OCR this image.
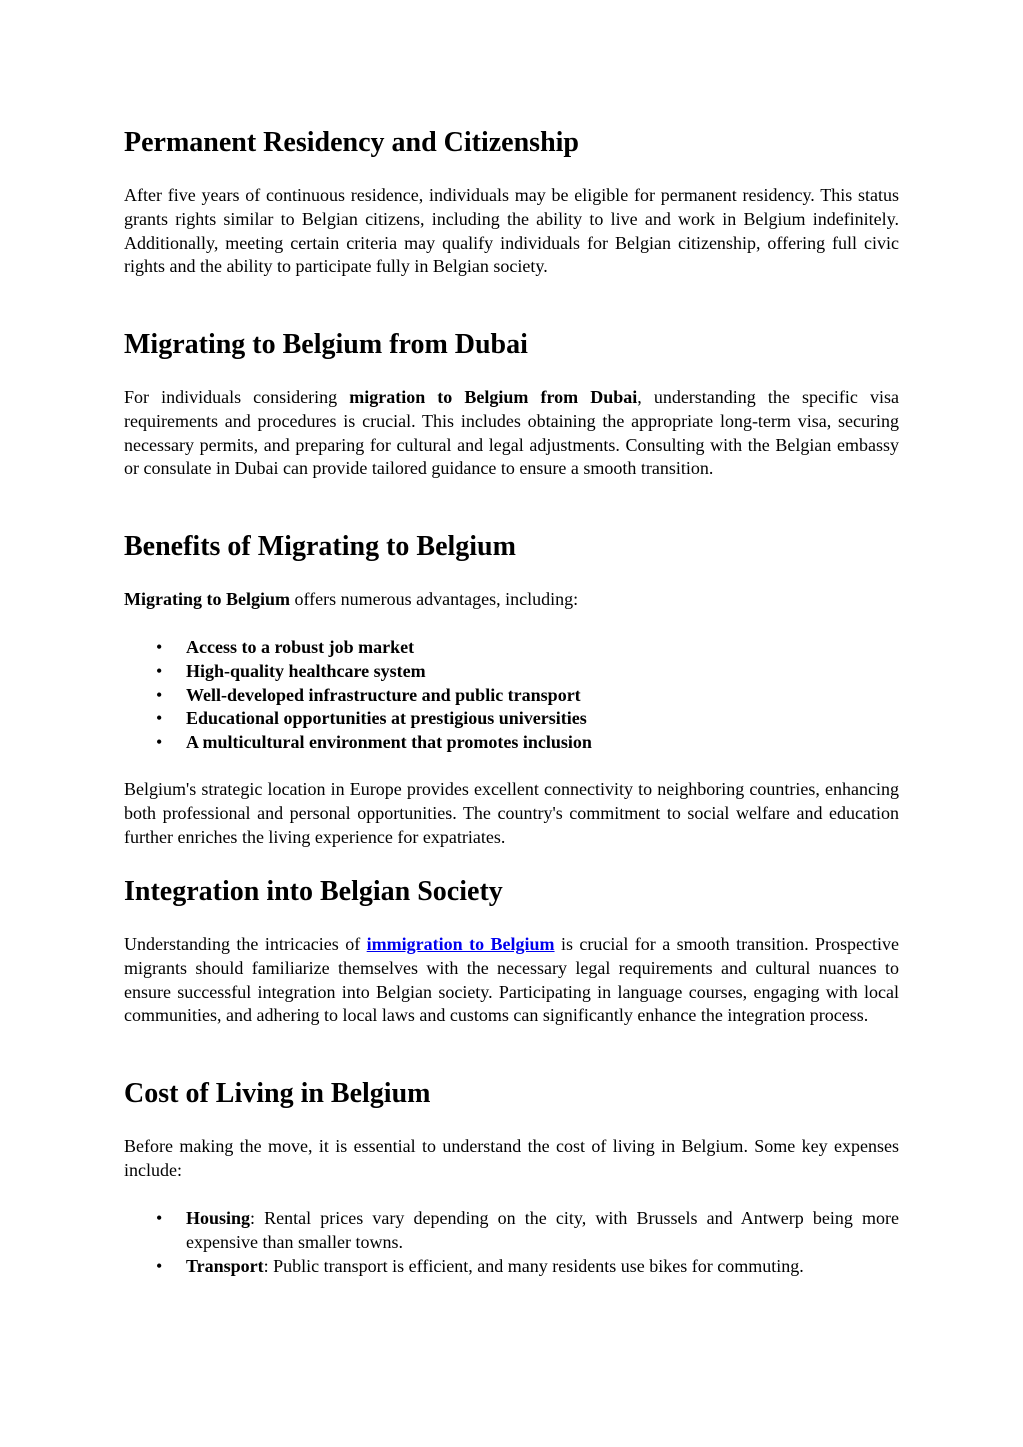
Permanent Residency and Citizenship

After five years of continuous residence, individuals may be eligible for permanent residency. This status grants rights similar to Belgian citizens, including the ability to live and work in Belgium indefinitely. Additionally, meeting certain criteria may qualify individuals for Belgian citizenship, offering full civic rights and the ability to participate fully in Belgian society.

Migrating to Belgium from Dubai

For individuals considering migration to Belgium from Dubai, understanding the specific visa requirements and procedures is crucial. This includes obtaining the appropriate long-term visa, securing necessary permits, and preparing for cultural and legal adjustments. Consulting with the Belgian embassy or consulate in Dubai can provide tailored guidance to ensure a smooth transition.

Benefits of Migrating to Belgium

Migrating to Belgium offers numerous advantages, including:

• Access to a robust job market
• High-quality healthcare system
• Well-developed infrastructure and public transport
• Educational opportunities at prestigious universities
• A multicultural environment that promotes inclusion

Belgium's strategic location in Europe provides excellent connectivity to neighboring countries, enhancing both professional and personal opportunities. The country's commitment to social welfare and education further enriches the living experience for expatriates.

Integration into Belgian Society

Understanding the intricacies of immigration to Belgium is crucial for a smooth transition. Prospective migrants should familiarize themselves with the necessary legal requirements and cultural nuances to ensure successful integration into Belgian society. Participating in language courses, engaging with local communities, and adhering to local laws and customs can significantly enhance the integration process.

Cost of Living in Belgium

Before making the move, it is essential to understand the cost of living in Belgium. Some key expenses include:

• Housing: Rental prices vary depending on the city, with Brussels and Antwerp being more expensive than smaller towns.
• Transport: Public transport is efficient, and many residents use bikes for commuting.
